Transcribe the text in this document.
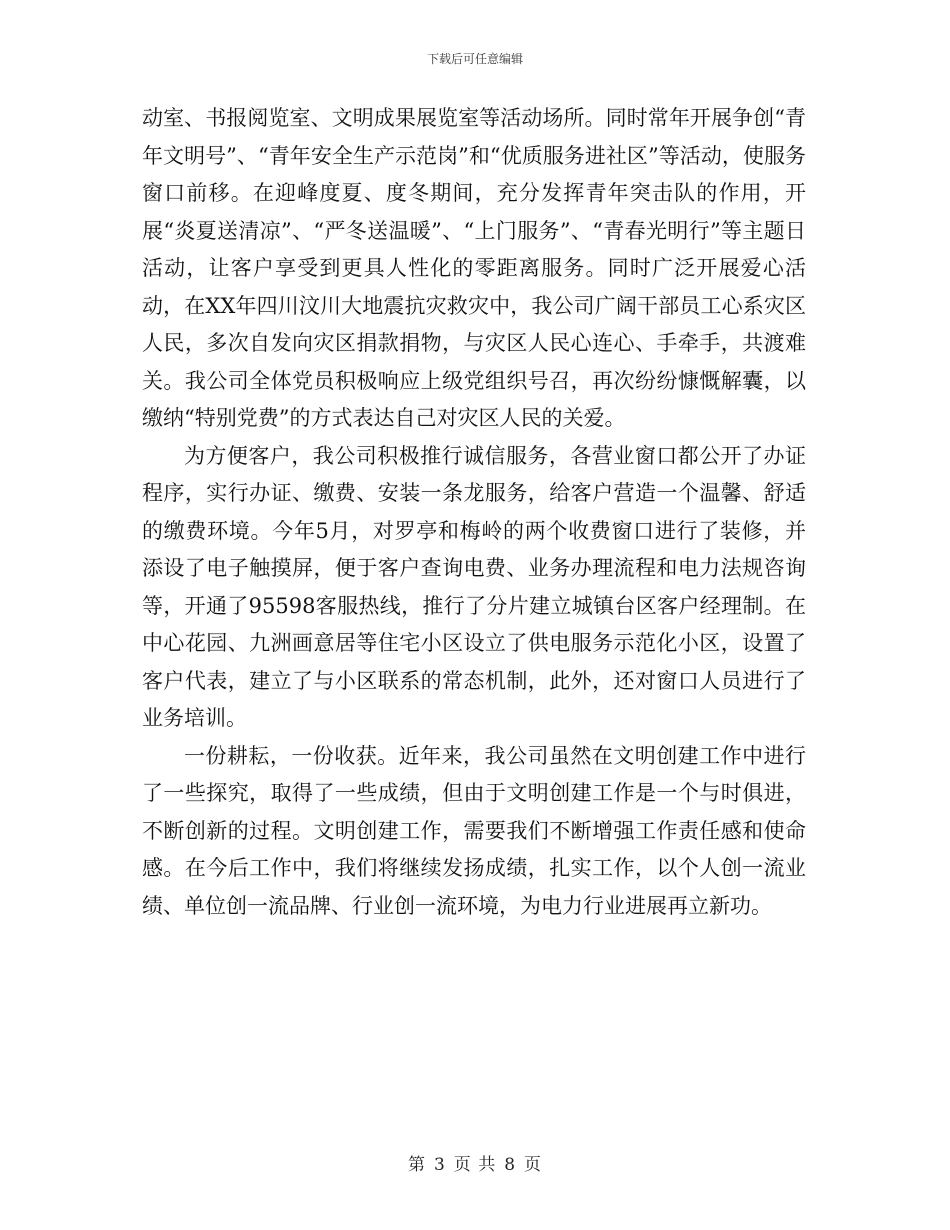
下载后可任意编辑

动室、书报阅览室、文明成果展览室等活动场所。同时常年开展争创“青年文明号”、“青年安全生产示范岗”和“优质服务进社区”等活动，使服务窗口前移。在迎峰度夏、度冬期间，充分发挥青年突击队的作用，开展“炎夏送清凉”、“严冬送温暖”、“上门服务”、“青春光明行”等主题日活动，让客户享受到更具人性化的零距离服务。同时广泛开展爱心活动，在XX年四川汶川大地震抗灾救灾中，我公司广阔干部员工心系灾区人民，多次自发向灾区捐款捐物，与灾区人民心连心、手牵手，共渡难关。我公司全体党员积极响应上级党组织号召，再次纷纷慷慨解囊，以缴纳“特别党费”的方式表达自己对灾区人民的关爱。

为方便客户，我公司积极推行诚信服务，各营业窗口都公开了办证程序，实行办证、缴费、安装一条龙服务，给客户营造一个温馨、舒适的缴费环境。今年5月，对罗亭和梅岭的两个收费窗口进行了装修，并添设了电子触摸屏，便于客户查询电费、业务办理流程和电力法规咨询等，开通了95598客服热线，推行了分片建立城镇台区客户经理制。在中心花园、九洲画意居等住宅小区设立了供电服务示范化小区，设置了客户代表，建立了与小区联系的常态机制，此外，还对窗口人员进行了业务培训。

一份耕耘，一份收获。近年来，我公司虽然在文明创建工作中进行了一些探究，取得了一些成绩，但由于文明创建工作是一个与时俱进，不断创新的过程。文明创建工作，需要我们不断增强工作责任感和使命感。在今后工作中，我们将继续发扬成绩，扎实工作，以个人创一流业绩、单位创一流品牌、行业创一流环境，为电力行业进展再立新功。

第 3 页 共 8 页
